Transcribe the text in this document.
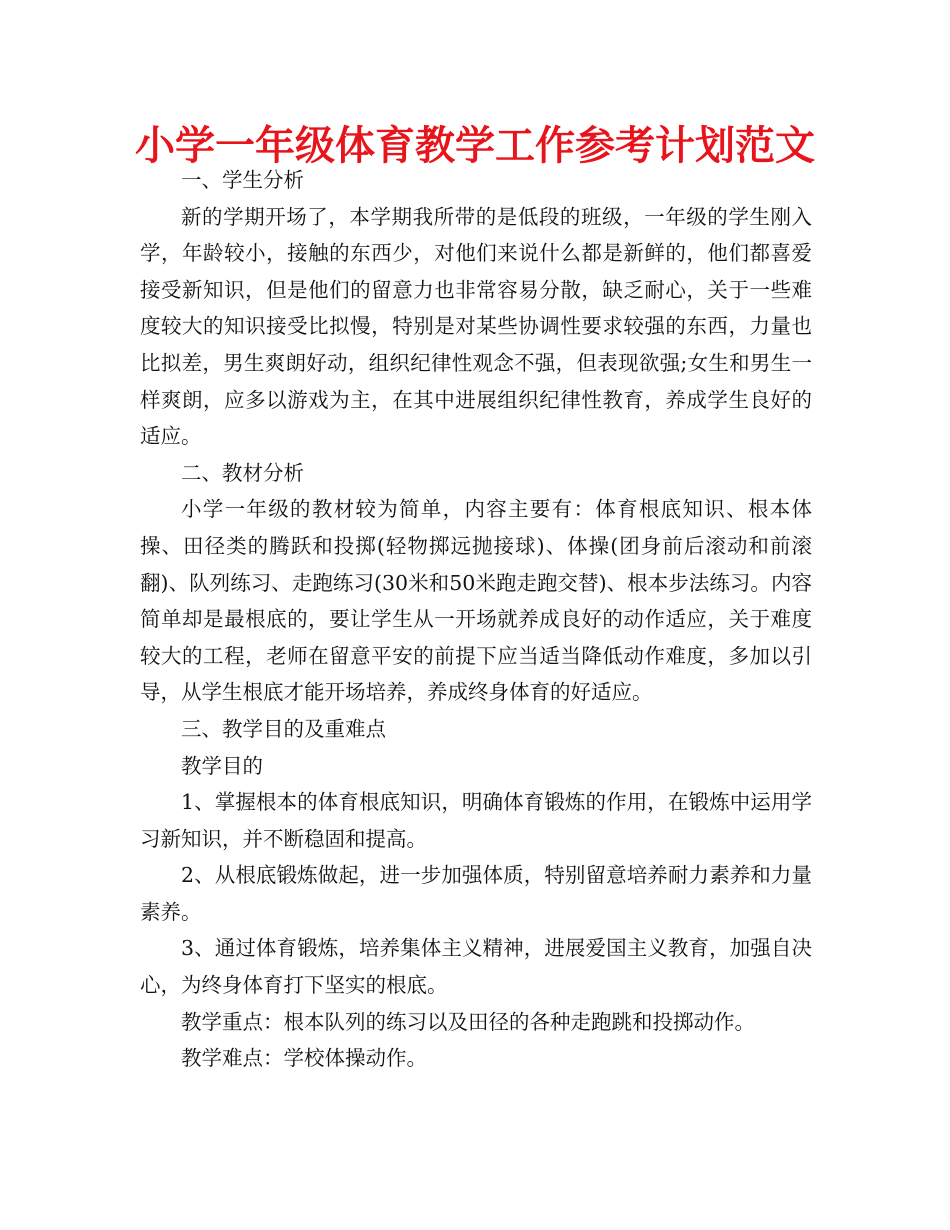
小学一年级体育教学工作参考计划范文

一、学生分析

新的学期开场了，本学期我所带的是低段的班级，一年级的学生刚入学，年龄较小，接触的东西少，对他们来说什么都是新鲜的，他们都喜爱接受新知识，但是他们的留意力也非常容易分散，缺乏耐心，关于一些难度较大的知识接受比拟慢，特别是对某些协调性要求较强的东西，力量也比拟差，男生爽朗好动，组织纪律性观念不强，但表现欲强;女生和男生一样爽朗，应多以游戏为主，在其中进展组织纪律性教育，养成学生良好的适应。

二、教材分析

小学一年级的教材较为简单，内容主要有：体育根底知识、根本体操、田径类的腾跃和投掷(轻物掷远抛接球)、体操(团身前后滚动和前滚翻)、队列练习、走跑练习(30米和50米跑走跑交替)、根本步法练习。内容简单却是最根底的，要让学生从一开场就养成良好的动作适应，关于难度较大的工程，老师在留意平安的前提下应当适当降低动作难度，多加以引导，从学生根底才能开场培养，养成终身体育的好适应。

三、教学目的及重难点

教学目的

1、掌握根本的体育根底知识，明确体育锻炼的作用，在锻炼中运用学习新知识，并不断稳固和提高。

2、从根底锻炼做起，进一步加强体质，特别留意培养耐力素养和力量素养。

3、通过体育锻炼，培养集体主义精神，进展爱国主义教育，加强自决心，为终身体育打下坚实的根底。

教学重点：根本队列的练习以及田径的各种走跑跳和投掷动作。

教学难点：学校体操动作。
